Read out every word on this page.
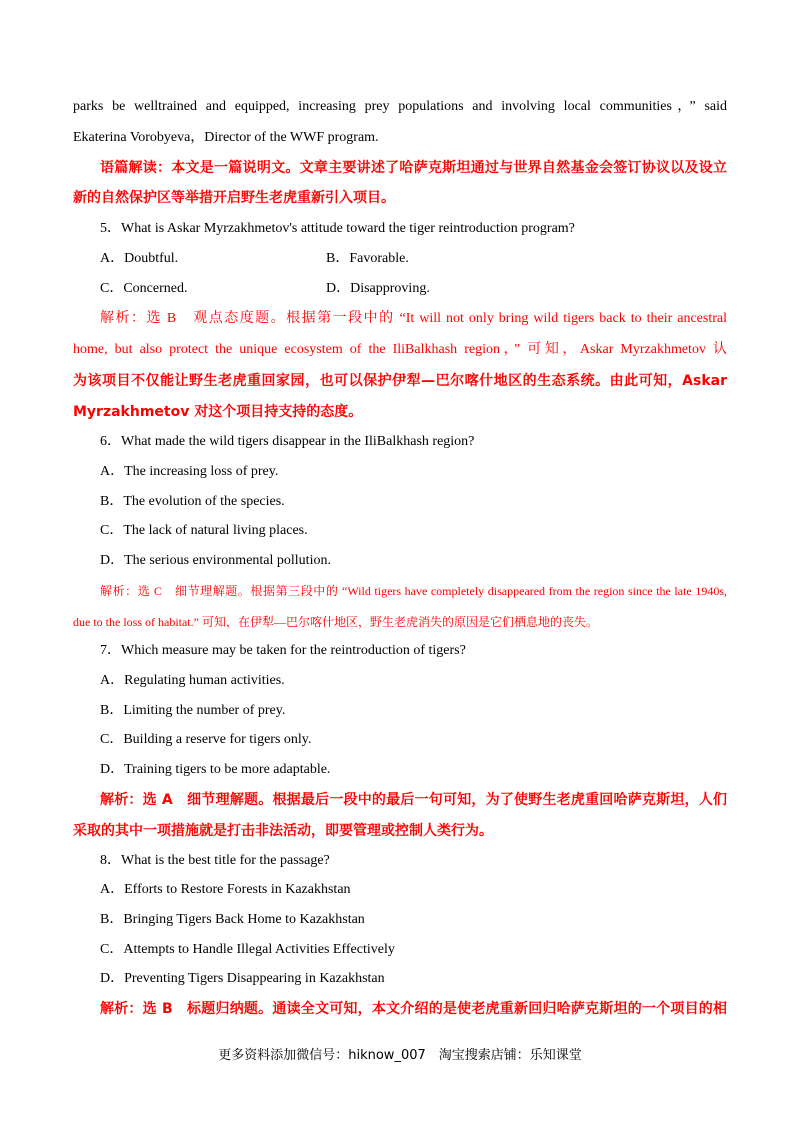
parks be welltrained and equipped, increasing prey populations and involving local communities，” said
Ekaterina Vorobyeva，Director of the WWF program.
语篇解读：本文是一篇说明文。文章主要讲述了哈萨克斯坦通过与世界自然基金会签订协议以及设立
新的自然保护区等举措开启野生老虎重新引入项目。
5．What is Askar Myrzakhmetov's attitude toward the tiger reintroduction program?
A．Doubtful.	B．Favorable.
C．Concerned.	D．Disapproving.
解析：选 B　观点态度题。根据第一段中的 “It will not only bring wild tigers back to their ancestral
home, but also protect the unique ecosystem of the IliBalkhash region，” 可知，Askar Myrzakhmetov 认
为该项目不仅能让野生老虎重回家园，也可以保护伊犁—巴尔喀什地区的生态系统。由此可知，Askar
Myrzakhmetov 对这个项目持支持的态度。
6．What made the wild tigers disappear in the IliBalkhash region?
A．The increasing loss of prey.
B．The evolution of the species.
C．The lack of natural living places.
D．The serious environmental pollution.
解析：选 C　细节理解题。根据第三段中的 “Wild tigers have completely disappeared from the region since the late 1940s,
due to the loss of habitat.” 可知，在伊犁—巴尔喀什地区，野生老虎消失的原因是它们栖息地的丧失。
7．Which measure may be taken for the reintroduction of tigers?
A．Regulating human activities.
B．Limiting the number of prey.
C．Building a reserve for tigers only.
D．Training tigers to be more adaptable.
解析：选 A　细节理解题。根据最后一段中的最后一句可知，为了使野生老虎重回哈萨克斯坦，人们
采取的其中一项措施就是打击非法活动，即要管理或控制人类行为。
8．What is the best title for the passage?
A．Efforts to Restore Forests in Kazakhstan
B．Bringing Tigers Back Home to Kazakhstan
C．Attempts to Handle Illegal Activities Effectively
D．Preventing Tigers Disappearing in Kazakhstan
解析：选 B　标题归纳题。通读全文可知，本文介绍的是使老虎重新回归哈萨克斯坦的一个项目的相
更多资料添加微信号：hiknow_007　淘宝搜索店铺：乐知课堂
